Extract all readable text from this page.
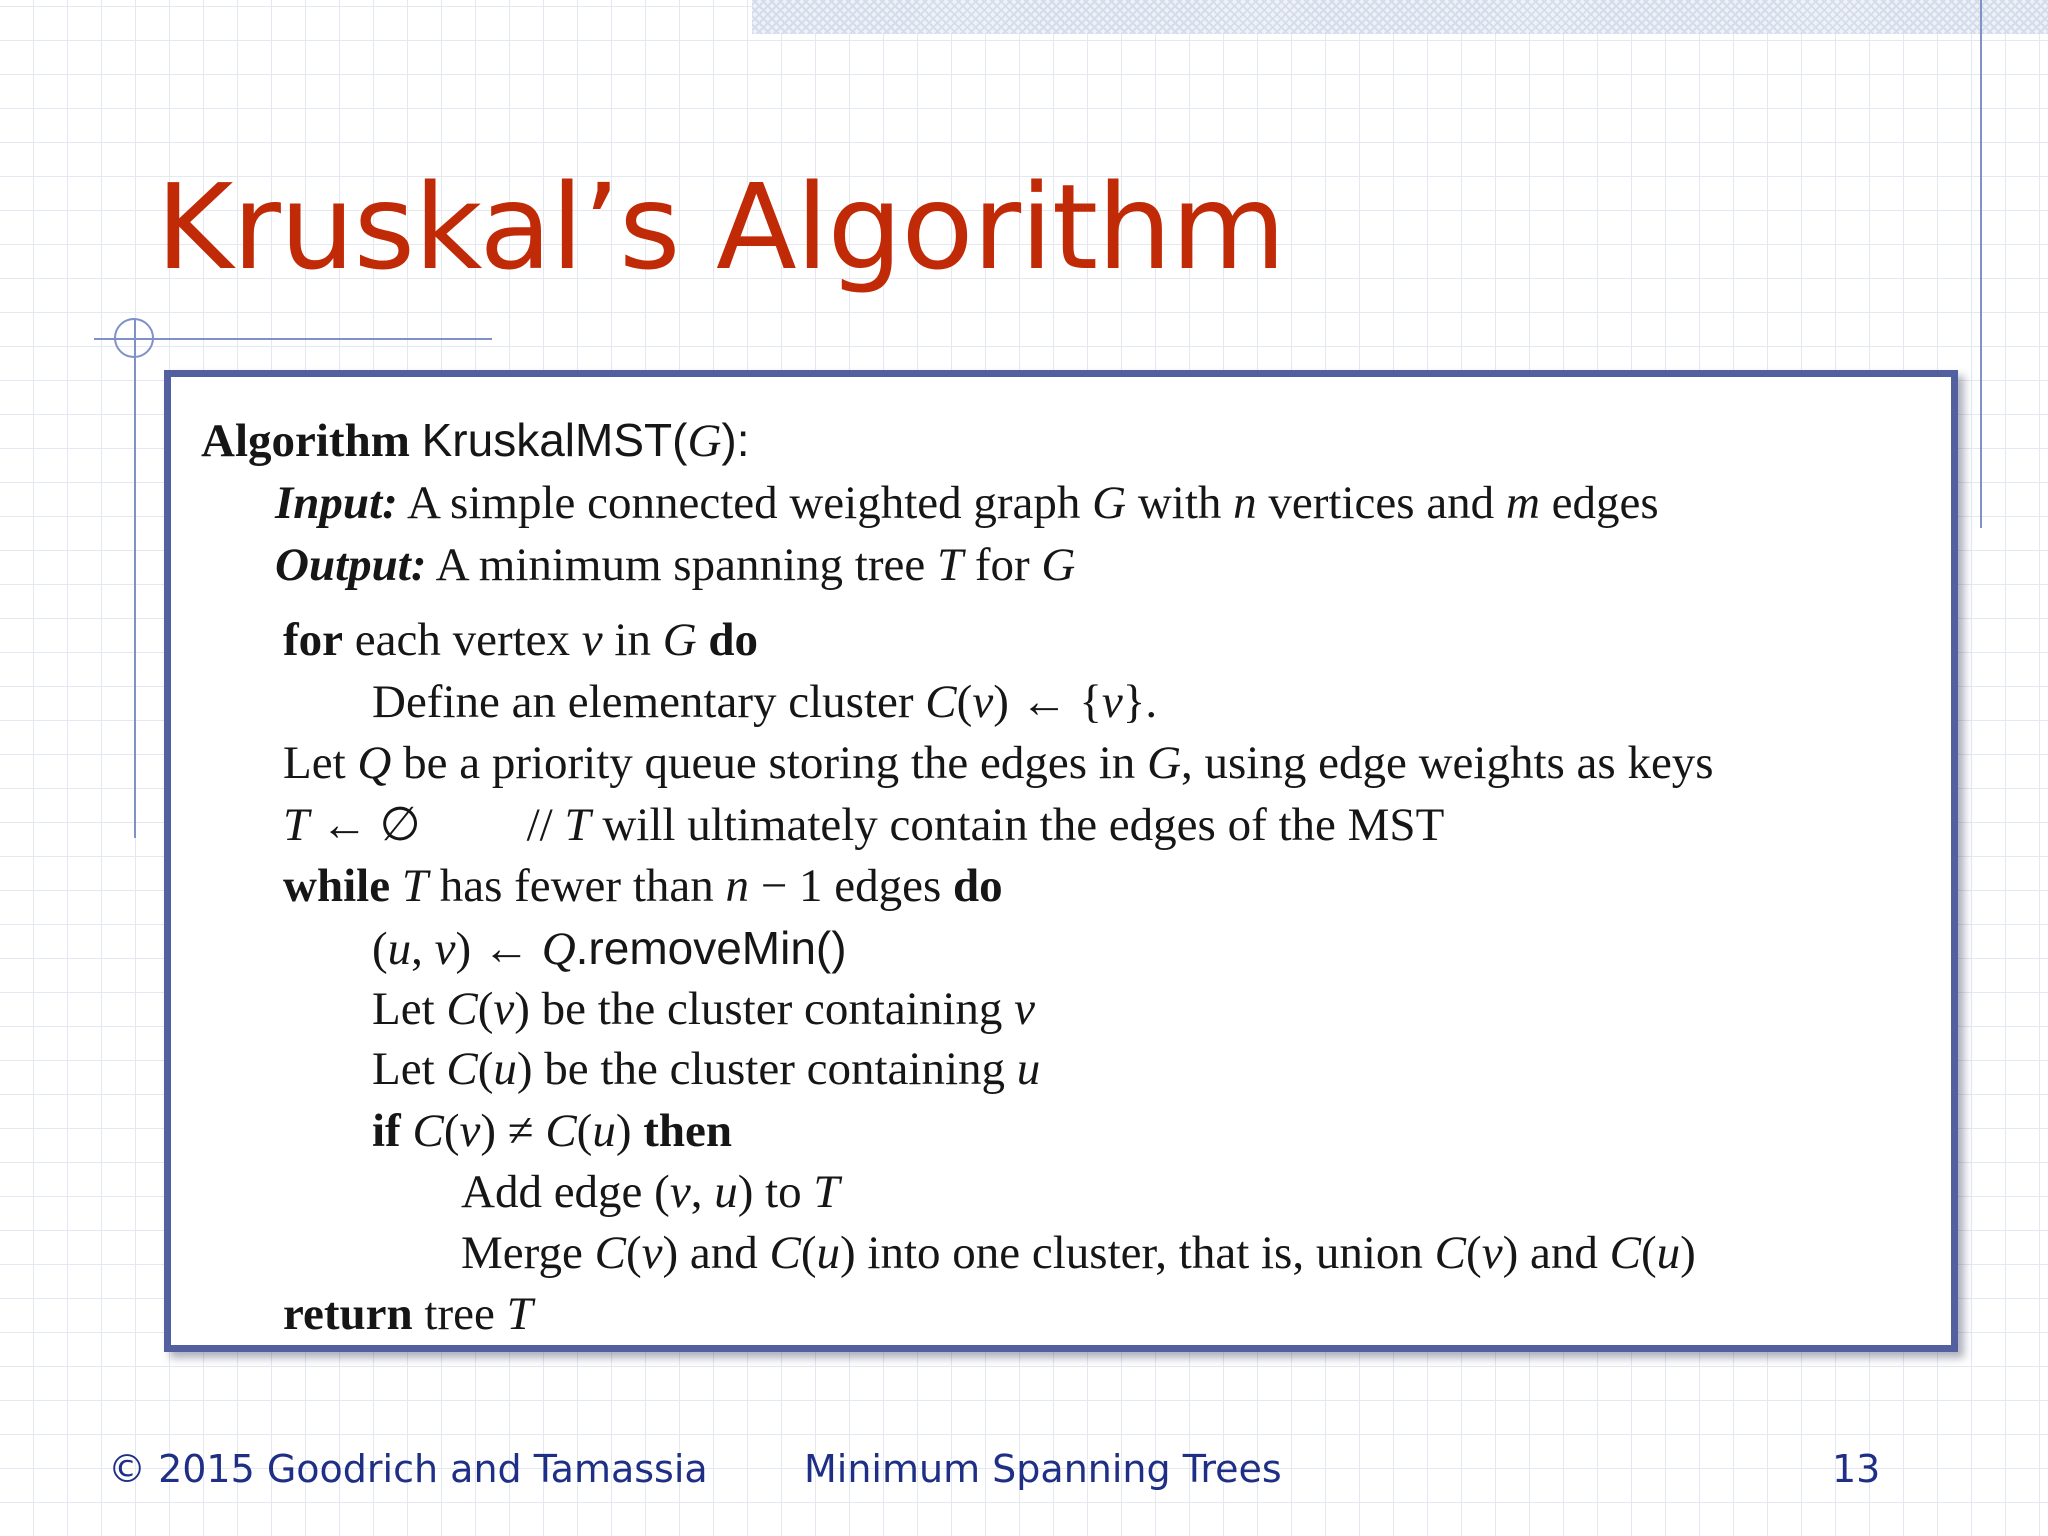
Kruskal’s Algorithm
Algorithm KruskalMST(G):
Input: A simple connected weighted graph G with n vertices and m edges
Output: A minimum spanning tree T for G
for each vertex v in G do
Define an elementary cluster C(v) ← {v}.
Let Q be a priority queue storing the edges in G, using edge weights as keys
T ← ∅ // T will ultimately contain the edges of the MST
while T has fewer than n − 1 edges do
(u, v) ← Q.removeMin()
Let C(v) be the cluster containing v
Let C(u) be the cluster containing u
if C(v) ≠ C(u) then
Add edge (v, u) to T
Merge C(v) and C(u) into one cluster, that is, union C(v) and C(u)
return tree T
© 2015 Goodrich and Tamassia	Minimum Spanning Trees	13
